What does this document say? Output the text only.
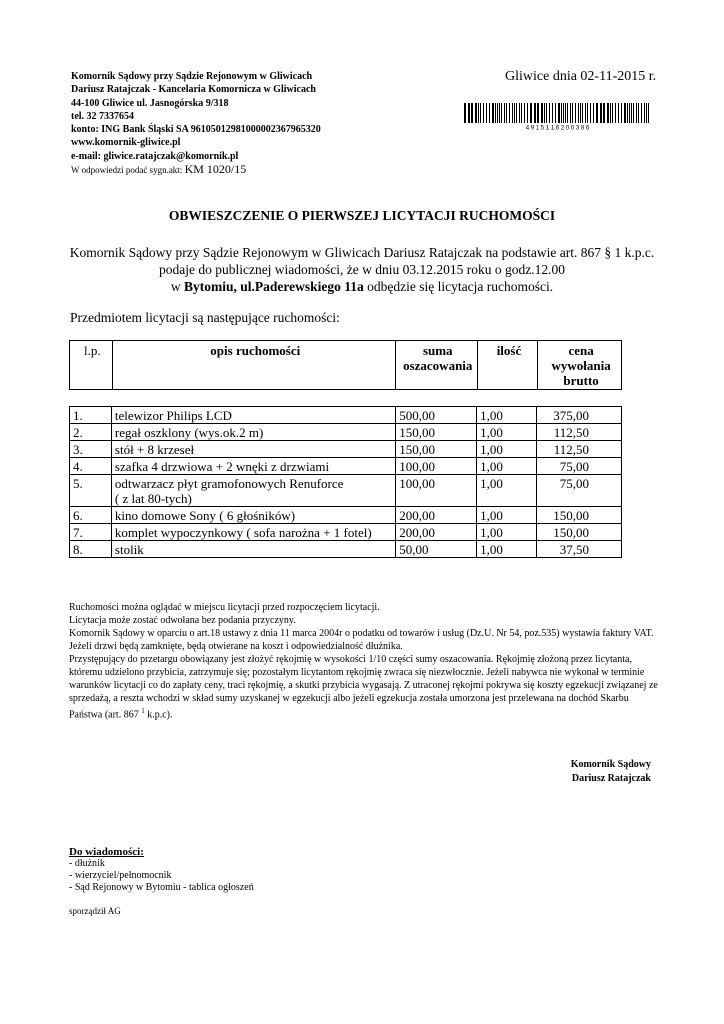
Komornik Sądowy przy Sądzie Rejonowym w Gliwicach
Dariusz Ratajczak - Kancelaria Komornicza w Gliwicach
44-100 Gliwice ul. Jasnogórska 9/318
tel. 32 7337654
konto: ING Bank Śląski SA 96105012981000002367965320
www.komornik-gliwice.pl
e-mail: gliwice.ratajczak@komornik.pl
W odpowiedzi podać sygn.akt: KM 1020/15
Gliwice dnia 02-11-2015 r.
4 9 1 5 1 1 6 2 0 0 3 8 6
OBWIESZCZENIE O PIERWSZEJ LICYTACJI RUCHOMOŚCI
Komornik Sądowy przy Sądzie Rejonowym w Gliwicach Dariusz Ratajczak na podstawie art. 867 § 1 k.p.c.
podaje do publicznej wiadomości, że w dniu 03.12.2015 roku o godz.12.00
w Bytomiu, ul.Paderewskiego 11a odbędzie się licytacja ruchomości.
Przedmiotem licytacji są następujące ruchomości:
l.p.	opis ruchomości	suma oszacowania	ilość	cena wywołania brutto
1.	telewizor Philips LCD	500,00	1,00	375,00
2.	regał oszklony (wys.ok.2 m)	150,00	1,00	112,50
3.	stół + 8 krzeseł	150,00	1,00	112,50
4.	szafka 4 drzwiowa + 2 wnęki z drzwiami	100,00	1,00	75,00
5.	odtwarzacz płyt gramofonowych Renuforce
( z lat 80-tych)	100,00	1,00	75,00
6.	kino domowe Sony ( 6 głośników)	200,00	1,00	150,00
7.	komplet wypoczynkowy ( sofa narożna + 1 fotel)	200,00	1,00	150,00
8.	stolik	50,00	1,00	37,50

Ruchomości można oglądać w miejscu licytacji przed rozpoczęciem licytacji.

Licytacja może zostać odwołana bez podania przyczyny.

Komornik Sądowy w oparciu o art.18 ustawy z dnia 11 marca 2004r o podatku od towarów i usług (Dz.U. Nr 54, poz.535) wystawia faktury VAT.

Jeżeli drzwi będą zamknięte, będą otwierane na koszt i odpowiedzialność dłużnika.

Przystępujący do przetargu obowiązany jest złożyć rękojmię w wysokości 1/10 części sumy oszacowania. Rękojmię złożoną przez licytanta, któremu udzielono przybicia, zatrzymuje się; pozostałym licytantom rękojmię zwraca się niezwłocznie. Jeżeli nabywca nie wykonał w terminie warunków licytacji co do zapłaty ceny, traci rękojmię, a skutki przybicia wygasają. Z utraconej rękojmi pokrywa się koszty egzekucji związanej ze sprzedażą, a reszta wchodzi w skład sumy uzyskanej w egzekucji albo jeżeli egzekucja została umorzona jest przelewana na dochód Skarbu Państwa (art. 867 $^1$ k.p.c).

Komornik Sądowy
Dariusz Ratajczak
Do wiadomości:
- dłużnik
- wierzyciel/pełnomocnik
- Sąd Rejonowy w Bytomiu - tablica ogłoszeń
sporządził AG
